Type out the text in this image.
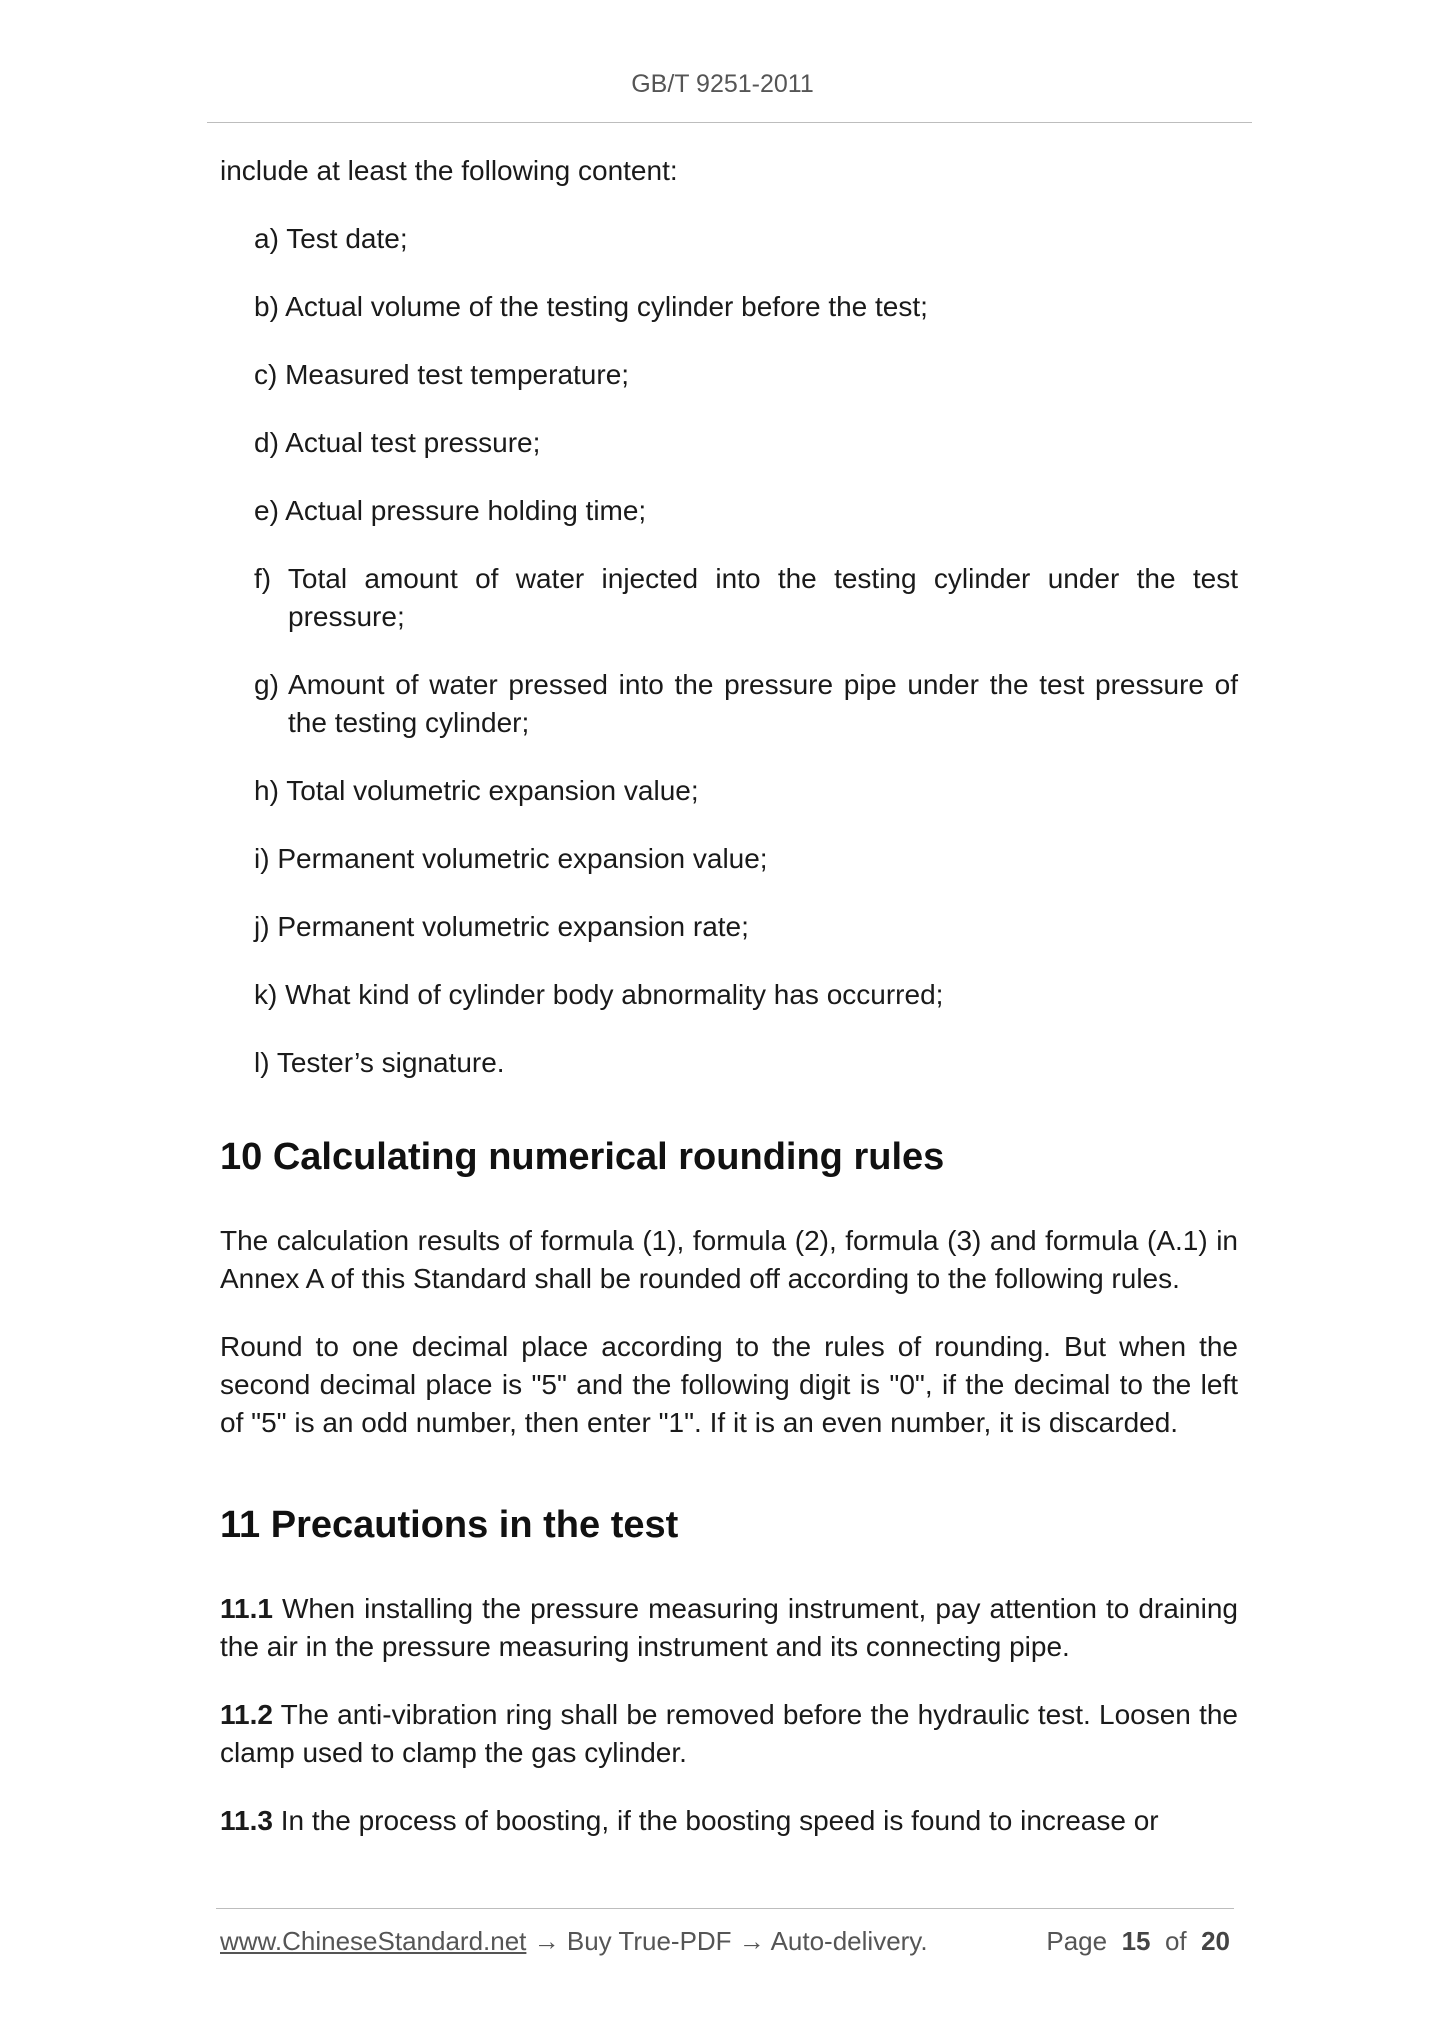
GB/T 9251-2011

include at least the following content:

a) Test date;
b) Actual volume of the testing cylinder before the test;
c) Measured test temperature;
d) Actual test pressure;
e) Actual pressure holding time;
f) Total amount of water injected into the testing cylinder under the test pressure;
g) Amount of water pressed into the pressure pipe under the test pressure of the testing cylinder;
h) Total volumetric expansion value;
i) Permanent volumetric expansion value;
j) Permanent volumetric expansion rate;
k) What kind of cylinder body abnormality has occurred;
l) Tester’s signature.

10 Calculating numerical rounding rules

The calculation results of formula (1), formula (2), formula (3) and formula (A.1) in Annex A of this Standard shall be rounded off according to the following rules.

Round to one decimal place according to the rules of rounding. But when the second decimal place is "5" and the following digit is "0", if the decimal to the left of "5" is an odd number, then enter "1". If it is an even number, it is discarded.

11 Precautions in the test

11.1 When installing the pressure measuring instrument, pay attention to draining the air in the pressure measuring instrument and its connecting pipe.

11.2 The anti-vibration ring shall be removed before the hydraulic test. Loosen the clamp used to clamp the gas cylinder.

11.3 In the process of boosting, if the boosting speed is found to increase or

www.ChineseStandard.net → Buy True-PDF → Auto-delivery.	Page 15 of 20
